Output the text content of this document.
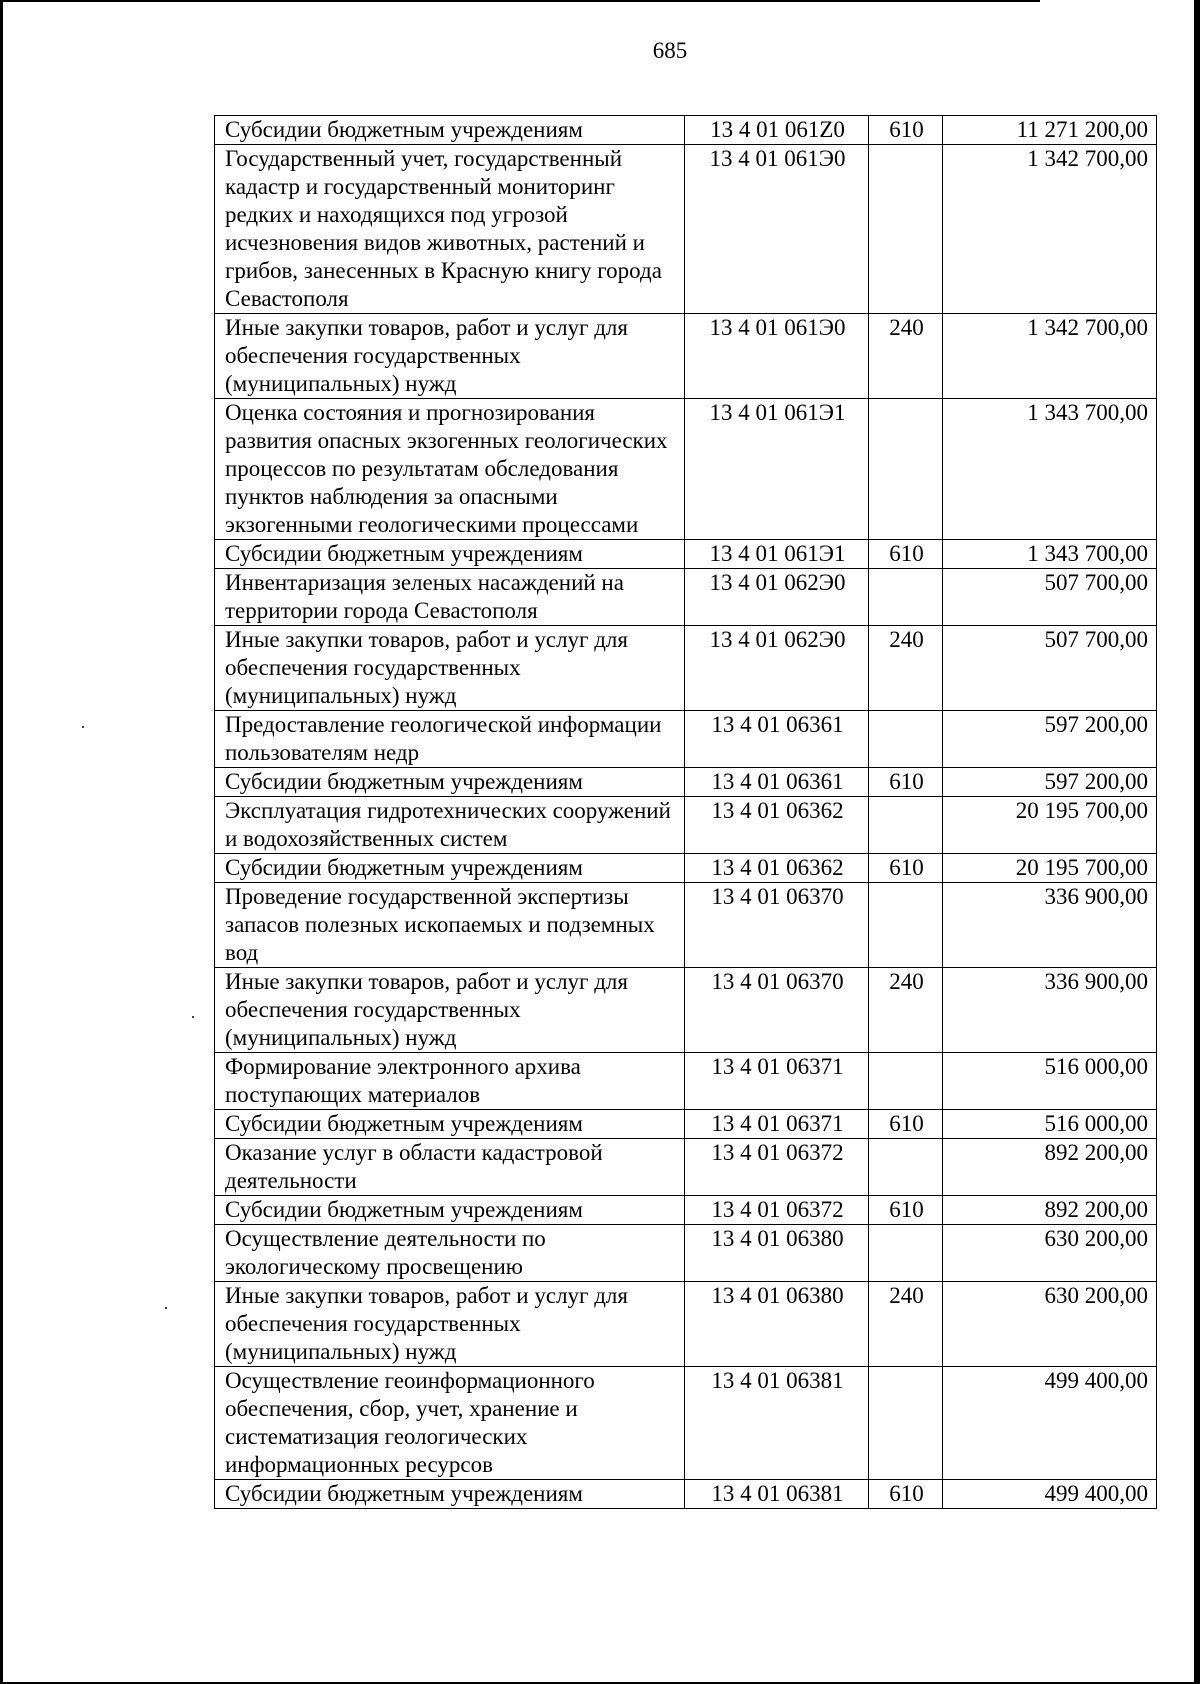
685
Субсидии бюджетным учреждениям	13 4 01 061Z0	610	11 271 200,00
Государственный учет, государственный кадастр и государственный мониторинг редких и находящихся под угрозой исчезновения видов животных, растений и грибов, занесенных в Красную книгу города Севастополя	13 4 01 061Э0		1 342 700,00
Иные закупки товаров, работ и услуг для обеспечения государственных (муниципальных) нужд	13 4 01 061Э0	240	1 342 700,00
Оценка состояния и прогнозирования развития опасных экзогенных геологических процессов по результатам обследования пунктов наблюдения за опасными экзогенными геологическими процессами	13 4 01 061Э1		1 343 700,00
Субсидии бюджетным учреждениям	13 4 01 061Э1	610	1 343 700,00
Инвентаризация зеленых насаждений на территории города Севастополя	13 4 01 062Э0		507 700,00
Иные закупки товаров, работ и услуг для обеспечения государственных (муниципальных) нужд	13 4 01 062Э0	240	507 700,00
Предоставление геологической информации пользователям недр	13 4 01 06361		597 200,00
Субсидии бюджетным учреждениям	13 4 01 06361	610	597 200,00
Эксплуатация гидротехнических сооружений и водохозяйственных систем	13 4 01 06362		20 195 700,00
Субсидии бюджетным учреждениям	13 4 01 06362	610	20 195 700,00
Проведение государственной экспертизы запасов полезных ископаемых и подземных вод	13 4 01 06370		336 900,00
Иные закупки товаров, работ и услуг для обеспечения государственных (муниципальных) нужд	13 4 01 06370	240	336 900,00
Формирование электронного архива поступающих материалов	13 4 01 06371		516 000,00
Субсидии бюджетным учреждениям	13 4 01 06371	610	516 000,00
Оказание услуг в области кадастровой деятельности	13 4 01 06372		892 200,00
Субсидии бюджетным учреждениям	13 4 01 06372	610	892 200,00
Осуществление деятельности по экологическому просвещению	13 4 01 06380		630 200,00
Иные закупки товаров, работ и услуг для обеспечения государственных (муниципальных) нужд	13 4 01 06380	240	630 200,00
Осуществление геоинформационного обеспечения, сбор, учет, хранение и систематизация геологических информационных ресурсов	13 4 01 06381		499 400,00
Субсидии бюджетным учреждениям	13 4 01 06381	610	499 400,00
